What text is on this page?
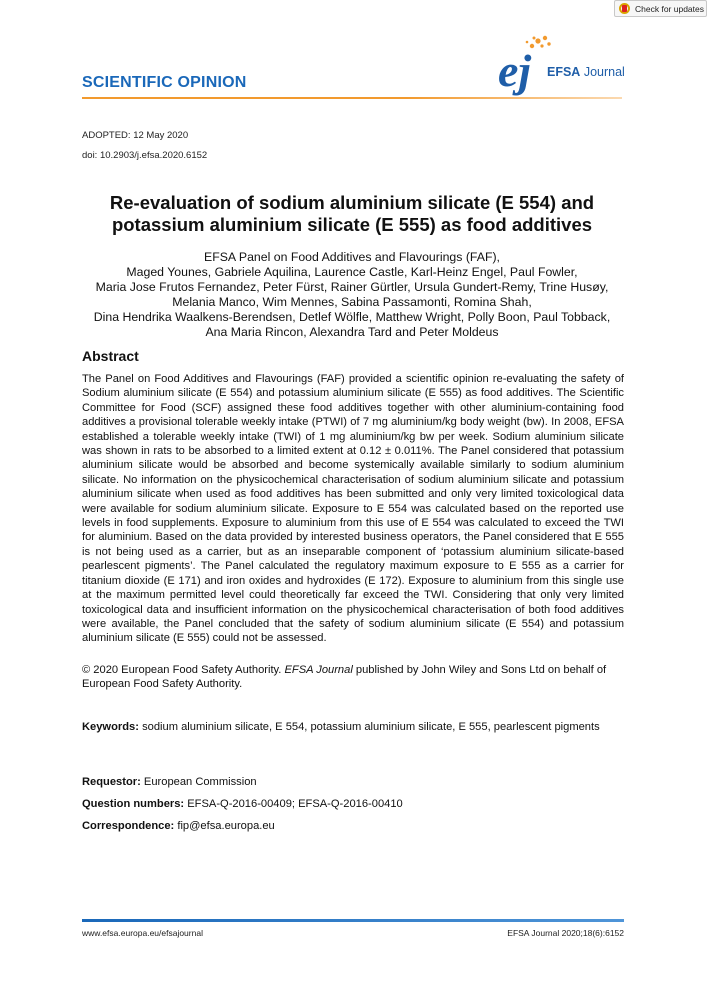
Check for updates
SCIENTIFIC OPINION	ej EFSA Journal
ADOPTED: 12 May 2020
doi: 10.2903/j.efsa.2020.6152
Re-evaluation of sodium aluminium silicate (E 554) and
potassium aluminium silicate (E 555) as food additives
EFSA Panel on Food Additives and Flavourings (FAF),
Maged Younes, Gabriele Aquilina, Laurence Castle, Karl-Heinz Engel, Paul Fowler,
Maria Jose Frutos Fernandez, Peter Fürst, Rainer Gürtler, Ursula Gundert-Remy, Trine Husøy,
Melania Manco, Wim Mennes, Sabina Passamonti, Romina Shah,
Dina Hendrika Waalkens-Berendsen, Detlef Wölfle, Matthew Wright, Polly Boon, Paul Tobback,
Ana Maria Rincon, Alexandra Tard and Peter Moldeus
Abstract
The Panel on Food Additives and Flavourings (FAF) provided a scientific opinion re-evaluating the safety of Sodium aluminium silicate (E 554) and potassium aluminium silicate (E 555) as food additives. The Scientific Committee for Food (SCF) assigned these food additives together with other aluminium-containing food additives a provisional tolerable weekly intake (PTWI) of 7 mg aluminium/kg body weight (bw). In 2008, EFSA established a tolerable weekly intake (TWI) of 1 mg aluminium/kg bw per week. Sodium aluminium silicate was shown in rats to be absorbed to a limited extent at 0.12 ± 0.011%. The Panel considered that potassium aluminium silicate would be absorbed and become systemically available similarly to sodium aluminium silicate. No information on the physicochemical characterisation of sodium aluminium silicate and potassium aluminium silicate when used as food additives has been submitted and only very limited toxicological data were available for sodium aluminium silicate. Exposure to E 554 was calculated based on the reported use levels in food supplements. Exposure to aluminium from this use of E 554 was calculated to exceed the TWI for aluminium. Based on the data provided by interested business operators, the Panel considered that E 555 is not being used as a carrier, but as an inseparable component of ‘potassium aluminium silicate-based pearlescent pigments’. The Panel calculated the regulatory maximum exposure to E 555 as a carrier for titanium dioxide (E 171) and iron oxides and hydroxides (E 172). Exposure to aluminium from this single use at the maximum permitted level could theoretically far exceed the TWI. Considering that only very limited toxicological data and insufficient information on the physicochemical characterisation of both food additives were available, the Panel concluded that the safety of sodium aluminium silicate (E 554) and potassium aluminium silicate (E 555) could not be assessed.
© 2020 European Food Safety Authority. EFSA Journal published by John Wiley and Sons Ltd on behalf of European Food Safety Authority.
Keywords: sodium aluminium silicate, E 554, potassium aluminium silicate, E 555, pearlescent pigments
Requestor: European Commission
Question numbers: EFSA-Q-2016-00409; EFSA-Q-2016-00410
Correspondence: fip@efsa.europa.eu
www.efsa.europa.eu/efsajournal	EFSA Journal 2020;18(6):6152
